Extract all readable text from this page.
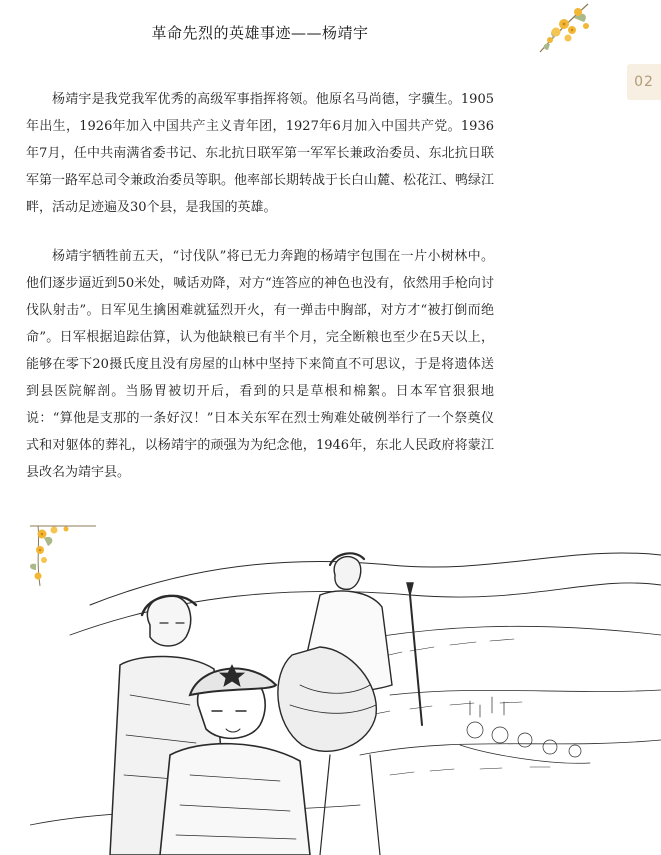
革命先烈的英雄事迹——杨靖宇
02

杨靖宇是我党我军优秀的高级军事指挥将领。他原名马尚德，字骥生。1905年出生，1926年加入中国共产主义青年团，1927年6月加入中国共产党。1936年7月，任中共南满省委书记、东北抗日联军第一军军长兼政治委员、东北抗日联军第一路军总司令兼政治委员等职。他率部长期转战于长白山麓、松花江、鸭绿江畔，活动足迹遍及30个县，是我国的英雄。

杨靖宇牺牲前五天，“讨伐队”将已无力奔跑的杨靖宇包围在一片小树林中。他们逐步逼近到50米处，喊话劝降，对方“连答应的神色也没有，依然用手枪向讨伐队射击”。日军见生擒困难就猛烈开火，有一弹击中胸部，对方才“被打倒而绝命”。日军根据追踪估算，认为他缺粮已有半个月，完全断粮也至少在5天以上，能够在零下20摄氏度且没有房屋的山林中坚持下来简直不可思议，于是将遗体送到县医院解剖。当肠胃被切开后，看到的只是草根和棉絮。日本军官狠狠地说：“算他是支那的一条好汉！”日本关东军在烈士殉难处破例举行了一个祭奠仪式和对躯体的葬礼，以杨靖宇的顽强为为纪念他，1946年，东北人民政府将蒙江县改名为靖宇县。
